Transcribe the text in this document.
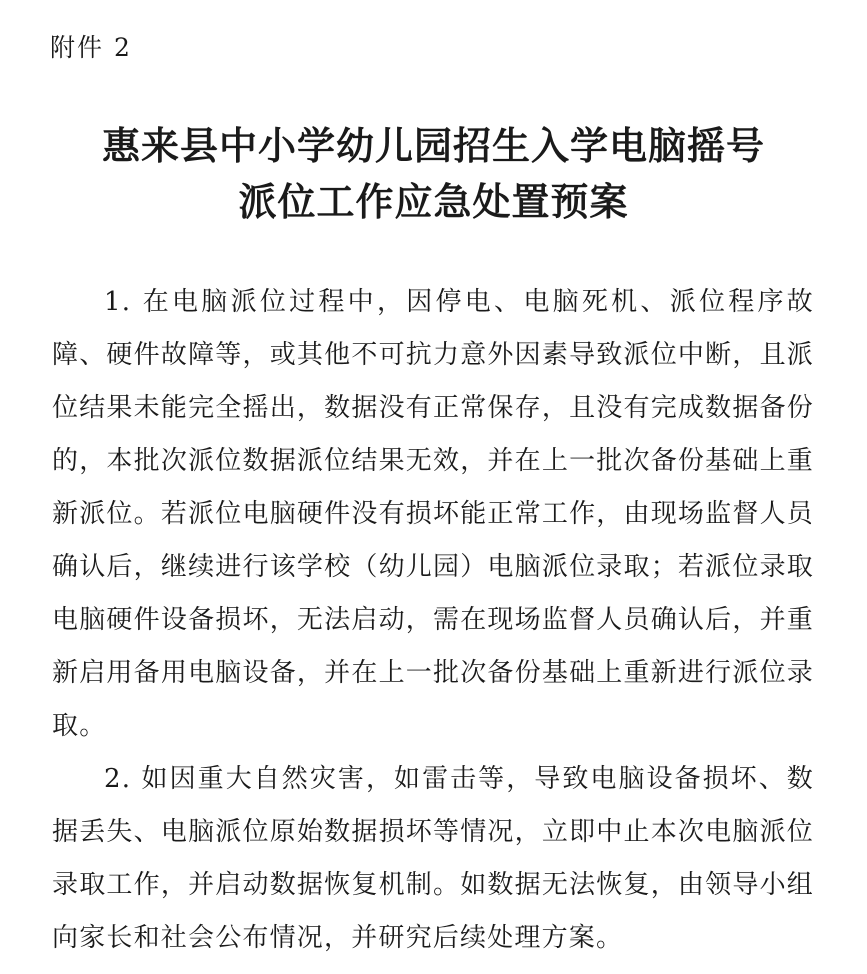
附件 2
惠来县中小学幼儿园招生入学电脑摇号
派位工作应急处置预案

1. 在电脑派位过程中，因停电、电脑死机、派位程序故障、硬件故障等，或其他不可抗力意外因素导致派位中断，且派位结果未能完全摇出，数据没有正常保存，且没有完成数据备份的，本批次派位数据派位结果无效，并在上一批次备份基础上重新派位。若派位电脑硬件没有损坏能正常工作，由现场监督人员确认后，继续进行该学校（幼儿园）电脑派位录取；若派位录取电脑硬件设备损坏，无法启动，需在现场监督人员确认后，并重新启用备用电脑设备，并在上一批次备份基础上重新进行派位录取。

2. 如因重大自然灾害，如雷击等，导致电脑设备损坏、数据丢失、电脑派位原始数据损坏等情况，立即中止本次电脑派位录取工作，并启动数据恢复机制。如数据无法恢复，由领导小组向家长和社会公布情况，并研究后续处理方案。
